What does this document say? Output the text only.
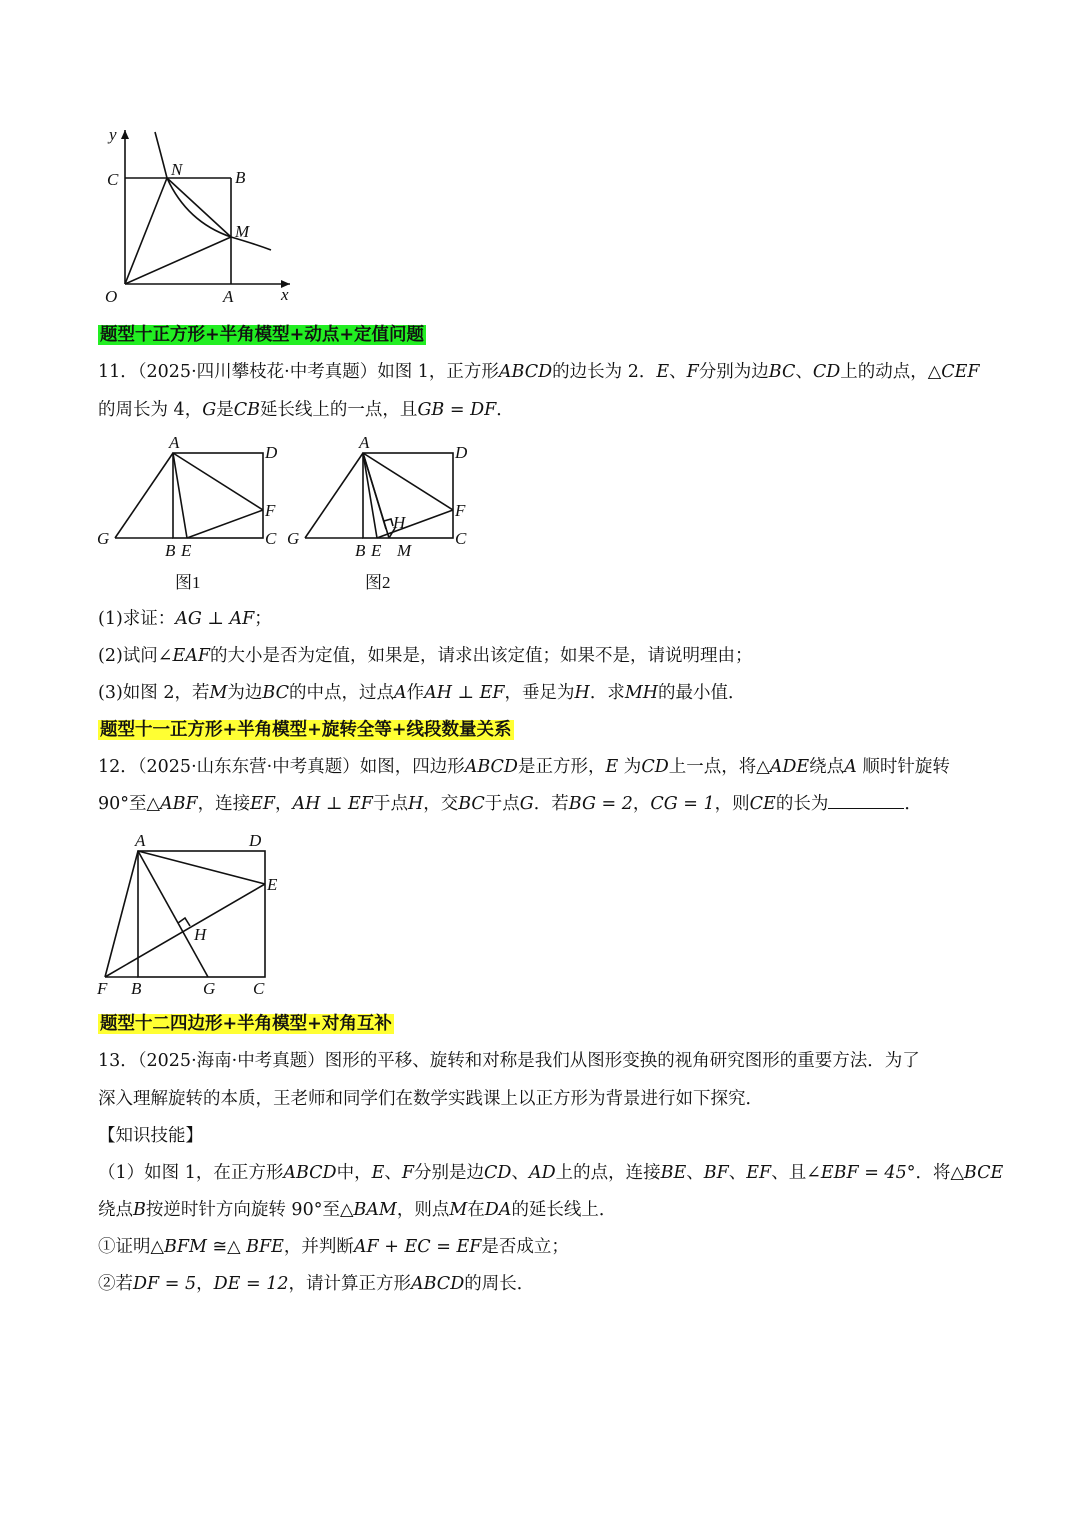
y
x
O	A
C	B
N
M
题型十正方形+半角模型+动点+定值问题
11．（2025·四川攀枝花·中考真题）如图 1，正方形ABCD的边长为 2．E、F分别为边BC、CD上的动点，△CEF
的周长为 4，G是CB延长线上的一点，且GB = DF．
A
D
F
G
B E
C
图1
A
D
F
H
G
B E M
C
图2
(1)求证：AG ⊥ AF；
(2)试问∠EAF的大小是否为定值，如果是，请求出该定值；如果不是，请说明理由；
(3)如图 2，若M为边BC的中点，过点A作AH ⊥ EF，垂足为H．求MH的最小值．
题型十一正方形+半角模型+旋转全等+线段数量关系
12．（2025·山东东营·中考真题）如图，四边形ABCD是正方形，E 为CD上一点，将△ADE绕点A 顺时针旋转
90°至△ABF，连接EF，AH ⊥ EF于点H，交BC于点G．若BG = 2，CG = 1，则CE的长为	．
A	D
E
H
F B	G C
题型十二四边形+半角模型+对角互补
13．（2025·海南·中考真题）图形的平移、旋转和对称是我们从图形变换的视角研究图形的重要方法．为了
深入理解旋转的本质，王老师和同学们在数学实践课上以正方形为背景进行如下探究．
【知识技能】
（1）如图 1，在正方形ABCD中，E、F分别是边CD、AD上的点，连接BE、BF、EF、且∠EBF = 45°．将△BCE
绕点B按逆时针方向旋转 90°至△BAM，则点M在DA的延长线上．
①证明△BFM ≅△ BFE，并判断AF + EC = EF是否成立；
②若DF = 5，DE = 12，请计算正方形ABCD的周长．
